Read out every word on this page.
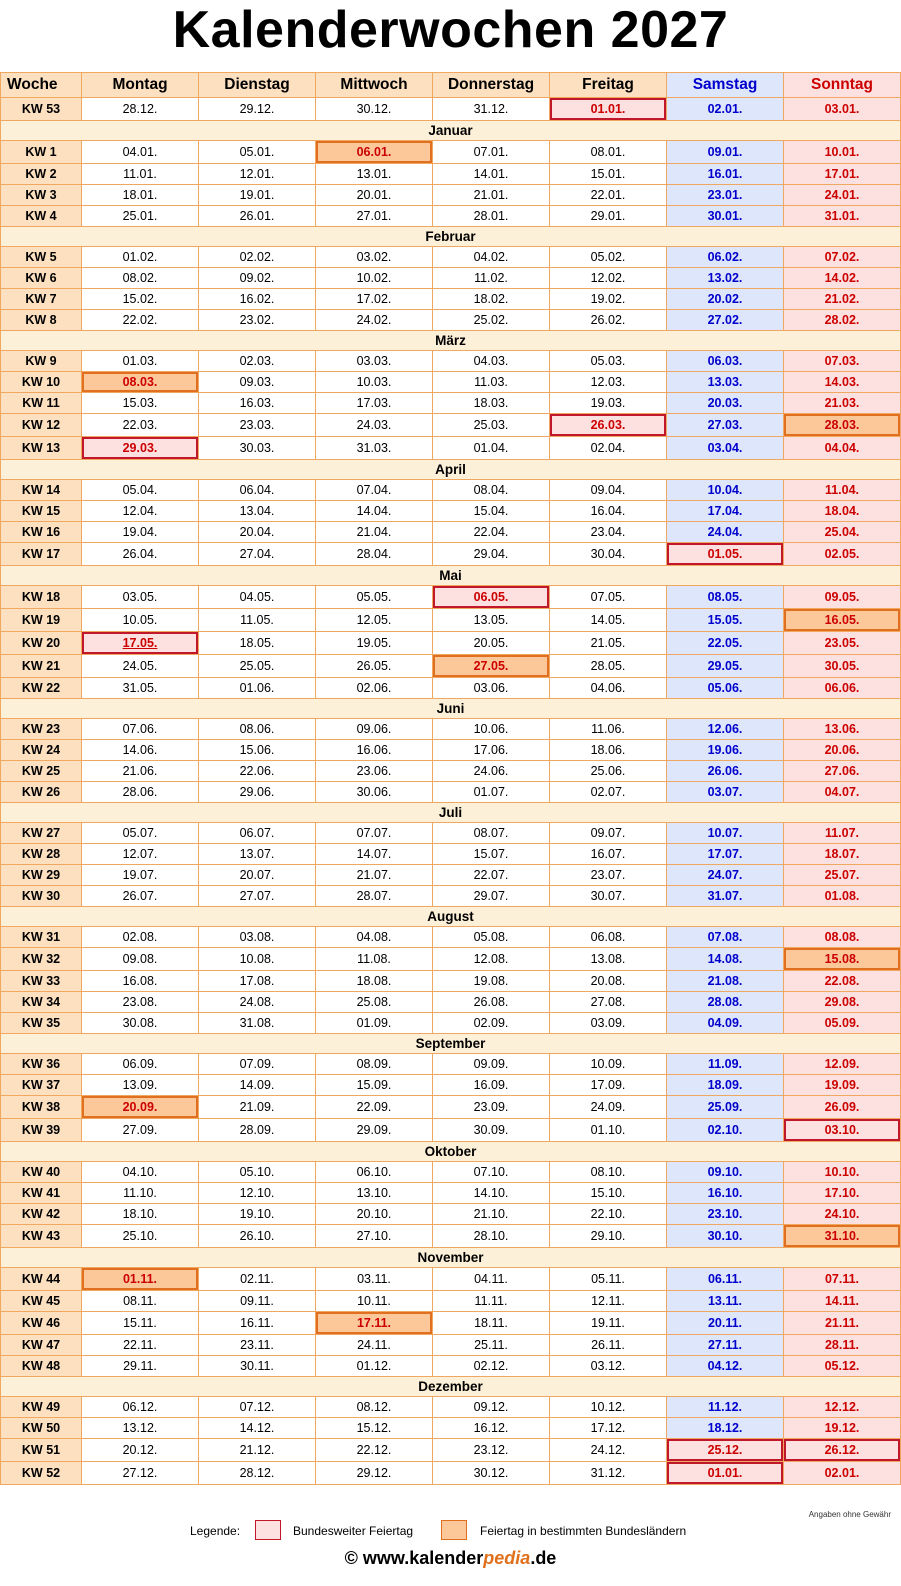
Kalenderwochen 2027
Woche	Montag	Dienstag	Mittwoch	Donnerstag	Freitag	Samstag	Sonntag
KW 53	28.12.	29.12.	30.12.	31.12.	01.01.	02.01.	03.01.
Januar							
KW 1	04.01.	05.01.	06.01.	07.01.	08.01.	09.01.	10.01.
KW 2	11.01.	12.01.	13.01.	14.01.	15.01.	16.01.	17.01.
KW 3	18.01.	19.01.	20.01.	21.01.	22.01.	23.01.	24.01.
KW 4	25.01.	26.01.	27.01.	28.01.	29.01.	30.01.	31.01.
Februar							
KW 5	01.02.	02.02.	03.02.	04.02.	05.02.	06.02.	07.02.
KW 6	08.02.	09.02.	10.02.	11.02.	12.02.	13.02.	14.02.
KW 7	15.02.	16.02.	17.02.	18.02.	19.02.	20.02.	21.02.
KW 8	22.02.	23.02.	24.02.	25.02.	26.02.	27.02.	28.02.
März							
KW 9	01.03.	02.03.	03.03.	04.03.	05.03.	06.03.	07.03.
KW 10	08.03.	09.03.	10.03.	11.03.	12.03.	13.03.	14.03.
KW 11	15.03.	16.03.	17.03.	18.03.	19.03.	20.03.	21.03.
KW 12	22.03.	23.03.	24.03.	25.03.	26.03.	27.03.	28.03.
KW 13	29.03.	30.03.	31.03.	01.04.	02.04.	03.04.	04.04.
April							
KW 14	05.04.	06.04.	07.04.	08.04.	09.04.	10.04.	11.04.
KW 15	12.04.	13.04.	14.04.	15.04.	16.04.	17.04.	18.04.
KW 16	19.04.	20.04.	21.04.	22.04.	23.04.	24.04.	25.04.
KW 17	26.04.	27.04.	28.04.	29.04.	30.04.	01.05.	02.05.
Mai							
KW 18	03.05.	04.05.	05.05.	06.05.	07.05.	08.05.	09.05.
KW 19	10.05.	11.05.	12.05.	13.05.	14.05.	15.05.	16.05.
KW 20	17.05.	18.05.	19.05.	20.05.	21.05.	22.05.	23.05.
KW 21	24.05.	25.05.	26.05.	27.05.	28.05.	29.05.	30.05.
KW 22	31.05.	01.06.	02.06.	03.06.	04.06.	05.06.	06.06.
Juni							
KW 23	07.06.	08.06.	09.06.	10.06.	11.06.	12.06.	13.06.
KW 24	14.06.	15.06.	16.06.	17.06.	18.06.	19.06.	20.06.
KW 25	21.06.	22.06.	23.06.	24.06.	25.06.	26.06.	27.06.
KW 26	28.06.	29.06.	30.06.	01.07.	02.07.	03.07.	04.07.
Juli							
KW 27	05.07.	06.07.	07.07.	08.07.	09.07.	10.07.	11.07.
KW 28	12.07.	13.07.	14.07.	15.07.	16.07.	17.07.	18.07.
KW 29	19.07.	20.07.	21.07.	22.07.	23.07.	24.07.	25.07.
KW 30	26.07.	27.07.	28.07.	29.07.	30.07.	31.07.	01.08.
August							
KW 31	02.08.	03.08.	04.08.	05.08.	06.08.	07.08.	08.08.
KW 32	09.08.	10.08.	11.08.	12.08.	13.08.	14.08.	15.08.
KW 33	16.08.	17.08.	18.08.	19.08.	20.08.	21.08.	22.08.
KW 34	23.08.	24.08.	25.08.	26.08.	27.08.	28.08.	29.08.
KW 35	30.08.	31.08.	01.09.	02.09.	03.09.	04.09.	05.09.
September							
KW 36	06.09.	07.09.	08.09.	09.09.	10.09.	11.09.	12.09.
KW 37	13.09.	14.09.	15.09.	16.09.	17.09.	18.09.	19.09.
KW 38	20.09.	21.09.	22.09.	23.09.	24.09.	25.09.	26.09.
KW 39	27.09.	28.09.	29.09.	30.09.	01.10.	02.10.	03.10.
Oktober							
KW 40	04.10.	05.10.	06.10.	07.10.	08.10.	09.10.	10.10.
KW 41	11.10.	12.10.	13.10.	14.10.	15.10.	16.10.	17.10.
KW 42	18.10.	19.10.	20.10.	21.10.	22.10.	23.10.	24.10.
KW 43	25.10.	26.10.	27.10.	28.10.	29.10.	30.10.	31.10.
November							
KW 44	01.11.	02.11.	03.11.	04.11.	05.11.	06.11.	07.11.
KW 45	08.11.	09.11.	10.11.	11.11.	12.11.	13.11.	14.11.
KW 46	15.11.	16.11.	17.11.	18.11.	19.11.	20.11.	21.11.
KW 47	22.11.	23.11.	24.11.	25.11.	26.11.	27.11.	28.11.
KW 48	29.11.	30.11.	01.12.	02.12.	03.12.	04.12.	05.12.
Dezember							
KW 49	06.12.	07.12.	08.12.	09.12.	10.12.	11.12.	12.12.
KW 50	13.12.	14.12.	15.12.	16.12.	17.12.	18.12.	19.12.
KW 51	20.12.	21.12.	22.12.	23.12.	24.12.	25.12.	26.12.
KW 52	27.12.	28.12.	29.12.	30.12.	31.12.	01.01.	02.01.
Angaben ohne Gewähr
Legende:	Bundesweiter Feiertag	Feiertag in bestimmten Bundesländern
© www.kalenderpedia.de
